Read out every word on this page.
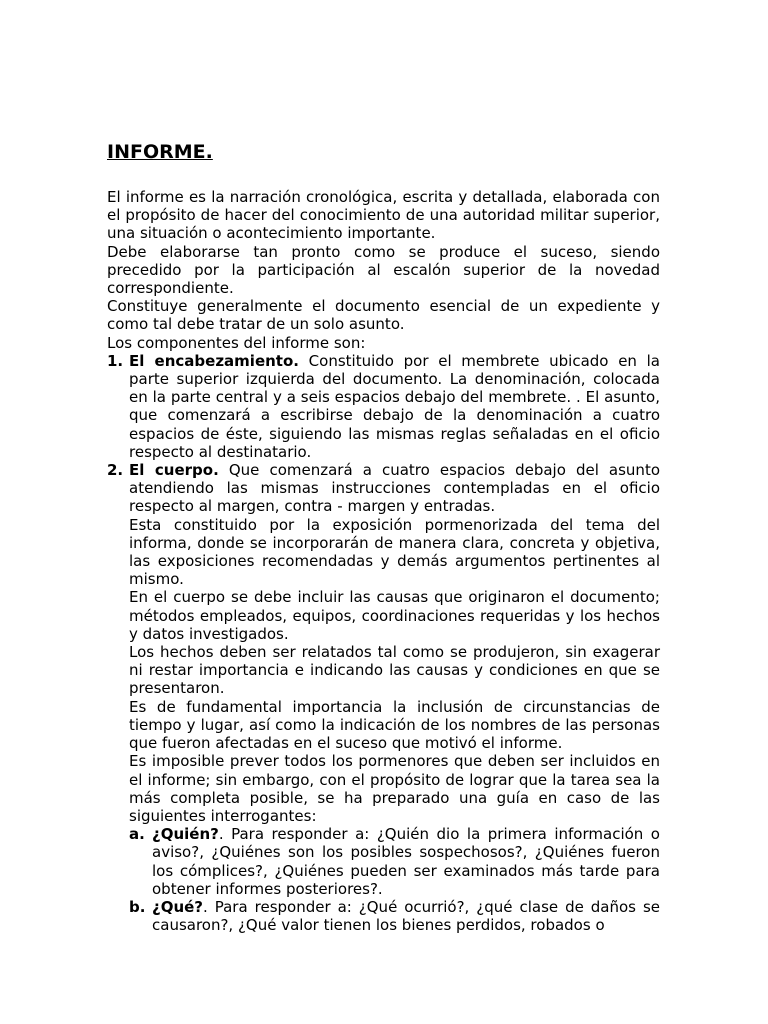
INFORME.

El informe es la narración cronológica, escrita y detallada, elaborada con el propósito de hacer del conocimiento de una autoridad militar superior, una situación o acontecimiento importante.

Debe elaborarse tan pronto como se produce el suceso, siendo precedido por la participación al escalón superior de la novedad correspondiente.

Constituye generalmente el documento esencial de un expediente y como tal debe tratar de un solo asunto.

Los componentes del informe son:

1. El encabezamiento. Constituido por el membrete ubicado en la parte superior izquierda del documento. La denominación, colocada en la parte central y a seis espacios debajo del membrete. . El asunto, que comenzará a escribirse debajo de la denominación a cuatro espacios de éste, siguiendo las mismas reglas señaladas en el oficio respecto al destinatario.

2. El cuerpo. Que comenzará a cuatro espacios debajo del asunto atendiendo las mismas instrucciones contempladas en el oficio respecto al margen, contra - margen y entradas.

Esta constituido por la exposición pormenorizada del tema del informa, donde se incorporarán de manera clara, concreta y objetiva, las exposiciones recomendadas y demás argumentos pertinentes al mismo.

En el cuerpo se debe incluir las causas que originaron el documento; métodos empleados, equipos, coordinaciones requeridas y los hechos y datos investigados.

Los hechos deben ser relatados tal como se produjeron, sin exagerar ni restar importancia e indicando las causas y condiciones en que se presentaron.

Es de fundamental importancia la inclusión de circunstancias de tiempo y lugar, así como la indicación de los nombres de las personas que fueron afectadas en el suceso que motivó el informe.

Es imposible prever todos los pormenores que deben ser incluidos en el informe; sin embargo, con el propósito de lograr que la tarea sea la más completa posible, se ha preparado una guía en caso de las siguientes interrogantes:

a. ¿Quién?. Para responder a: ¿Quién dio la primera información o aviso?, ¿Quiénes son los posibles sospechosos?, ¿Quiénes fueron los cómplices?, ¿Quiénes pueden ser examinados más tarde para obtener informes posteriores?.

b. ¿Qué?. Para responder a: ¿Qué ocurrió?, ¿qué clase de daños se causaron?, ¿Qué valor tienen los bienes perdidos, robados o
